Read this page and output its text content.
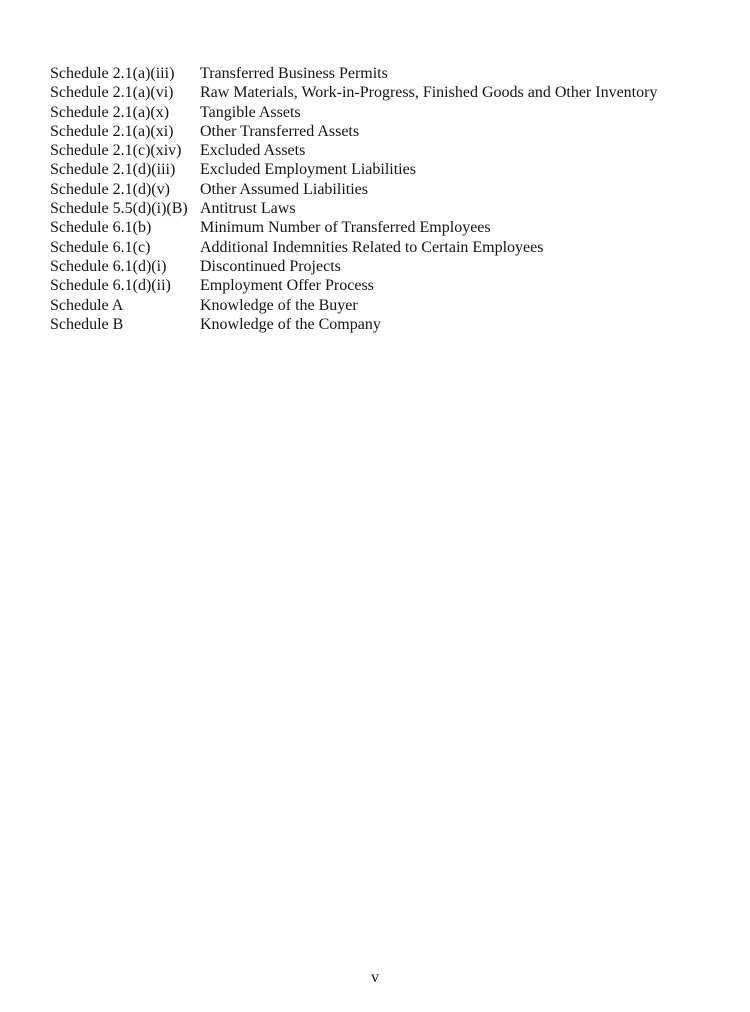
Schedule 2.1(a)(iii)	Transferred Business Permits
Schedule 2.1(a)(vi)	Raw Materials, Work-in-Progress, Finished Goods and Other Inventory
Schedule 2.1(a)(x)	Tangible Assets
Schedule 2.1(a)(xi)	Other Transferred Assets
Schedule 2.1(c)(xiv)	Excluded Assets
Schedule 2.1(d)(iii)	Excluded Employment Liabilities
Schedule 2.1(d)(v)	Other Assumed Liabilities
Schedule 5.5(d)(i)(B) Antitrust Laws
Schedule 6.1(b)	Minimum Number of Transferred Employees
Schedule 6.1(c)	Additional Indemnities Related to Certain Employees
Schedule 6.1(d)(i)	Discontinued Projects
Schedule 6.1(d)(ii)	Employment Offer Process
Schedule A	Knowledge of the Buyer
Schedule B	Knowledge of the Company
v
